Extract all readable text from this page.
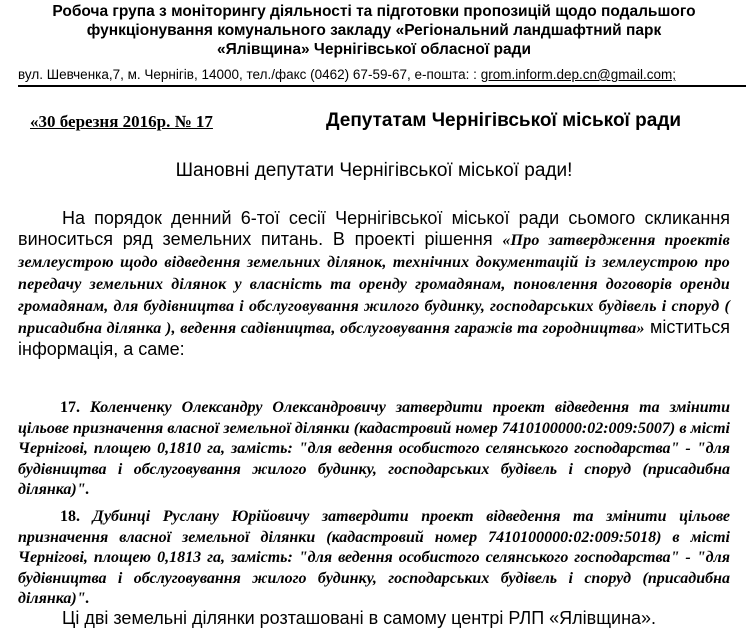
Робоча група з моніторингу діяльності та підготовки пропозицій щодо подальшого
функціонування комунального закладу «Регіональний ландшафтний парк
«Ялівщина» Чернігівської обласної ради
вул. Шевченка,7, м. Чернігів, 14000, тел./факс (0462) 67-59-67, е-пошта: : grom.inform.dep.cn@gmail.com;
«30 березня 2016р. № 17	Депутатам Чернігівської міської ради
Шановні депутати Чернігівської міської ради!
На порядок денний 6-тої сесії Чернігівської міської ради сьомого скликання виноситься ряд земельних питань. В проекті рішення «Про затвердження проектів землеустрою щодо відведення земельних ділянок, технічних документацій із землеустрою про передачу земельних ділянок у власність та оренду громадянам, поновлення договорів оренди громадянам, для будівництва і обслуговування жилого будинку, господарських будівель і споруд ( присадибна ділянка ), ведення садівництва, обслуговування гаражів та городництва» міститься інформація, а саме:
17. Коленченку Олександру Олександровичу затвердити проект відведення та змінити цільове призначення власної земельної ділянки (кадастровий номер 7410100000:02:009:5007) в місті Чернігові, площею 0,1810 га, замість: "для ведення особистого селянського господарства" - "для будівництва і обслуговування жилого будинку, господарських будівель і споруд (присадибна ділянка)".
18. Дубинці Руслану Юрійовичу затвердити проект відведення та змінити цільове призначення власної земельної ділянки (кадастровий номер 7410100000:02:009:5018) в місті Чернігові, площею 0,1813 га, замість: "для ведення особистого селянського господарства" - "для будівництва і обслуговування жилого будинку, господарських будівель і споруд (присадибна ділянка)".
Ці дві земельні ділянки розташовані в самому центрі РЛП «Ялівщина».
